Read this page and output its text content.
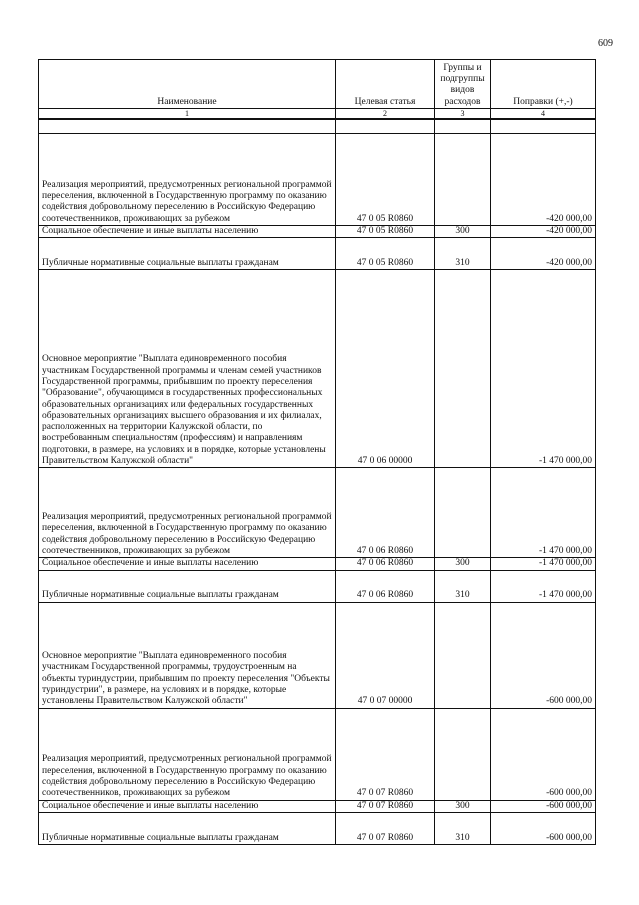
609
Наименование	Целевая статья	Группы и подгруппы видов расходов	Поправки (+,-)
1	2	3	4

Реализация мероприятий, предусмотренных региональной программой переселения, включенной в Государственную программу по оказанию содействия добровольному переселению в Российскую Федерацию соотечественников, проживающих за рубежом	47 0 05 R0860		-420 000,00
Социальное обеспечение и иные выплаты населению	47 0 05 R0860	300	-420 000,00
Публичные нормативные социальные выплаты гражданам	47 0 05 R0860	310	-420 000,00
Основное мероприятие "Выплата единовременного пособия участникам Государственной программы и членам семей участников Государственной программы, прибывшим по проекту переселения "Образование", обучающимся в государственных профессиональных образовательных организациях или федеральных государственных образовательных организациях высшего образования и их филиалах, расположенных на территории Калужской области, по востребованным специальностям (профессиям) и направлениям подготовки, в размере, на условиях и в порядке, которые установлены Правительством Калужской области"	47 0 06 00000		-1 470 000,00
Реализация мероприятий, предусмотренных региональной программой переселения, включенной в Государственную программу по оказанию содействия добровольному переселению в Российскую Федерацию соотечественников, проживающих за рубежом	47 0 06 R0860		-1 470 000,00
Социальное обеспечение и иные выплаты населению	47 0 06 R0860	300	-1 470 000,00
Публичные нормативные социальные выплаты гражданам	47 0 06 R0860	310	-1 470 000,00
Основное мероприятие "Выплата единовременного пособия участникам Государственной программы, трудоустроенным на объекты туриндустрии, прибывшим по проекту переселения "Объекты туриндустрии", в размере, на условиях и в порядке, которые установлены Правительством Калужской области"	47 0 07 00000		-600 000,00
Реализация мероприятий, предусмотренных региональной программой переселения, включенной в Государственную программу по оказанию содействия добровольному переселению в Российскую Федерацию соотечественников, проживающих за рубежом	47 0 07 R0860		-600 000,00
Социальное обеспечение и иные выплаты населению	47 0 07 R0860	300	-600 000,00
Публичные нормативные социальные выплаты гражданам	47 0 07 R0860	310	-600 000,00
